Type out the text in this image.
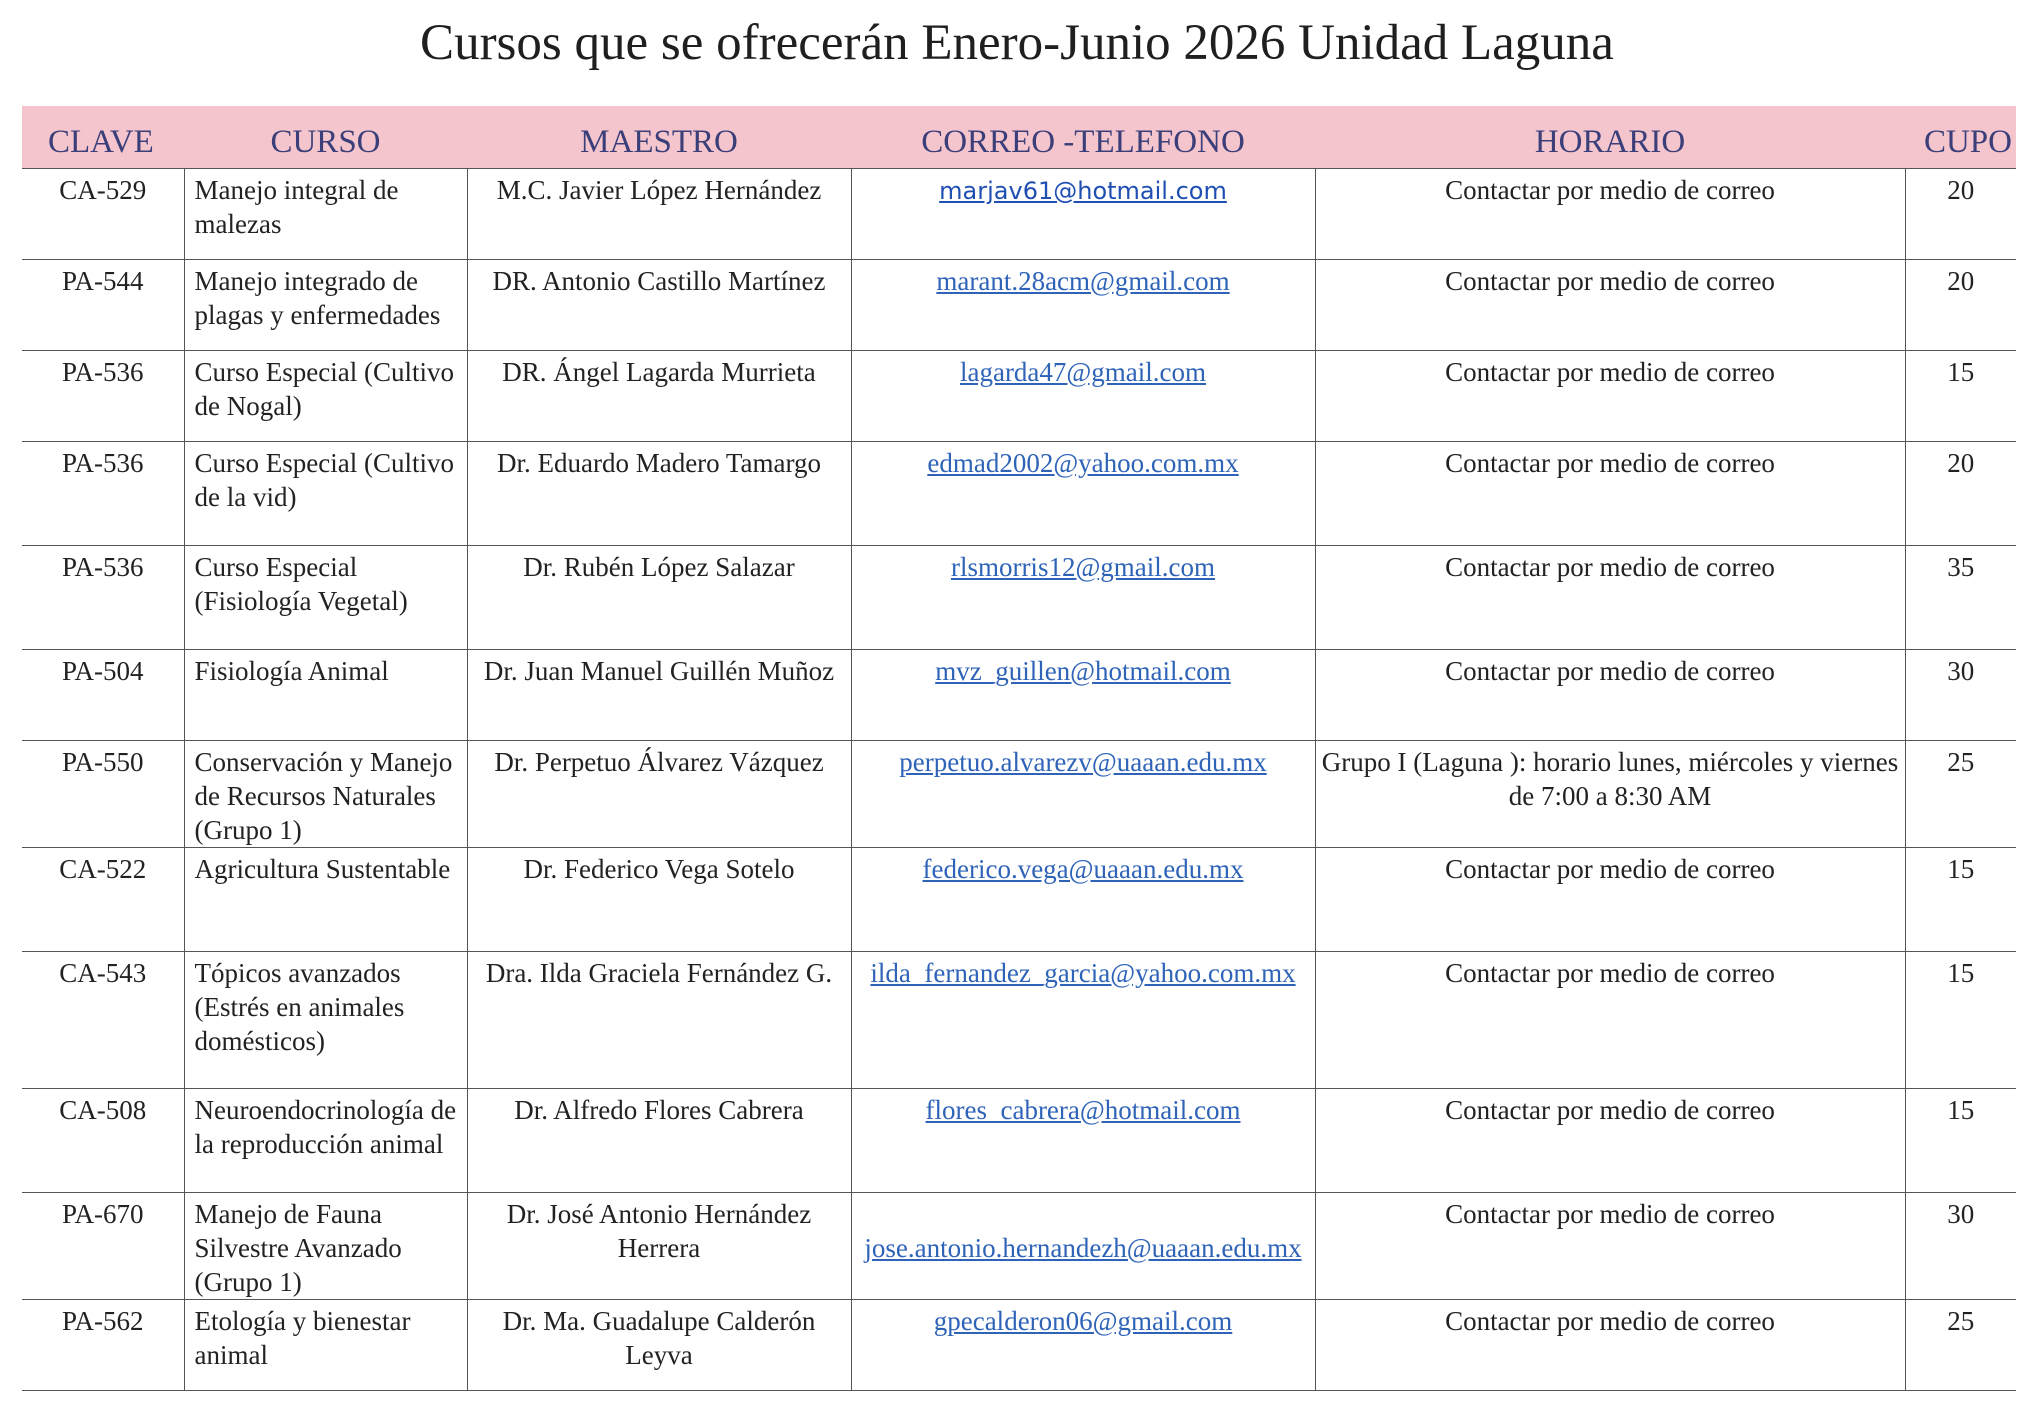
Cursos que se ofrecerán Enero-Junio 2026 Unidad Laguna
CLAVE	CURSO	MAESTRO	CORREO -TELEFONO	HORARIO	CUPO
CA-529	Manejo integral de malezas	M.C. Javier López Hernández	marjav61@hotmail.com	Contactar por medio de correo	20
PA-544	Manejo integrado de plagas y enfermedades	DR. Antonio Castillo Martínez	marant.28acm@gmail.com	Contactar por medio de correo	20
PA-536	Curso Especial (Cultivo de Nogal)	DR. Ángel Lagarda Murrieta	lagarda47@gmail.com	Contactar por medio de correo	15
PA-536	Curso Especial (Cultivo de la vid)	Dr. Eduardo Madero Tamargo	edmad2002@yahoo.com.mx	Contactar por medio de correo	20
PA-536	Curso Especial (Fisiología Vegetal)	Dr. Rubén López Salazar	rlsmorris12@gmail.com	Contactar por medio de correo	35
PA-504	Fisiología Animal	Dr. Juan Manuel Guillén Muñoz	mvz_guillen@hotmail.com	Contactar por medio de correo	30
PA-550	Conservación y Manejo de Recursos Naturales (Grupo 1)	Dr. Perpetuo Álvarez Vázquez	perpetuo.alvarezv@uaaan.edu.mx	Grupo I (Laguna ): horario lunes, miércoles y viernes de 7:00 a 8:30 AM	25
CA-522	Agricultura Sustentable	Dr. Federico Vega Sotelo	federico.vega@uaaan.edu.mx	Contactar por medio de correo	15
CA-543	Tópicos avanzados (Estrés en animales domésticos)	Dra. Ilda Graciela Fernández G.	ilda_fernandez_garcia@yahoo.com.mx	Contactar por medio de correo	15
CA-508	Neuroendocrinología de la reproducción animal	Dr. Alfredo Flores Cabrera	flores_cabrera@hotmail.com	Contactar por medio de correo	15
PA-670	Manejo de Fauna Silvestre Avanzado (Grupo 1)	Dr. José Antonio Hernández Herrera	jose.antonio.hernandezh@uaaan.edu.mx	Contactar por medio de correo	30
PA-562	Etología y bienestar animal	Dr. Ma. Guadalupe Calderón Leyva	gpecalderon06@gmail.com	Contactar por medio de correo	25
